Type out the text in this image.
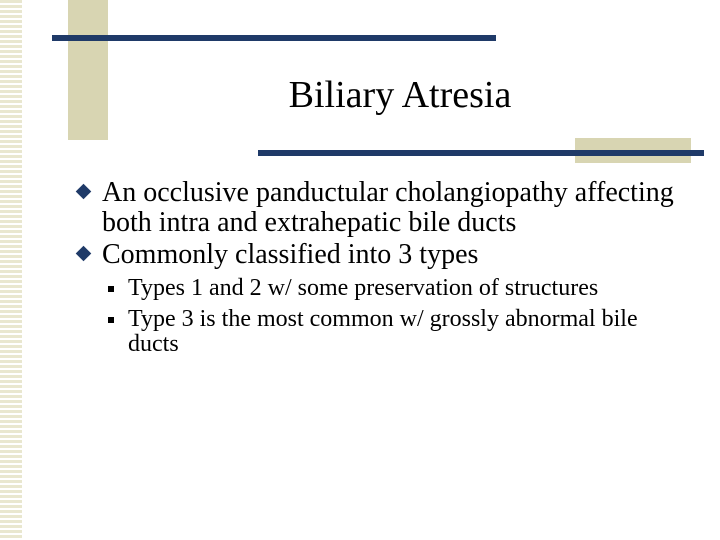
Biliary Atresia
An occlusive panductular cholangiopathy affecting both intra and extrahepatic bile ducts
Commonly classified into 3 types
Types 1 and 2 w/ some preservation of structures
Type 3 is the most common w/ grossly abnormal bile ducts
